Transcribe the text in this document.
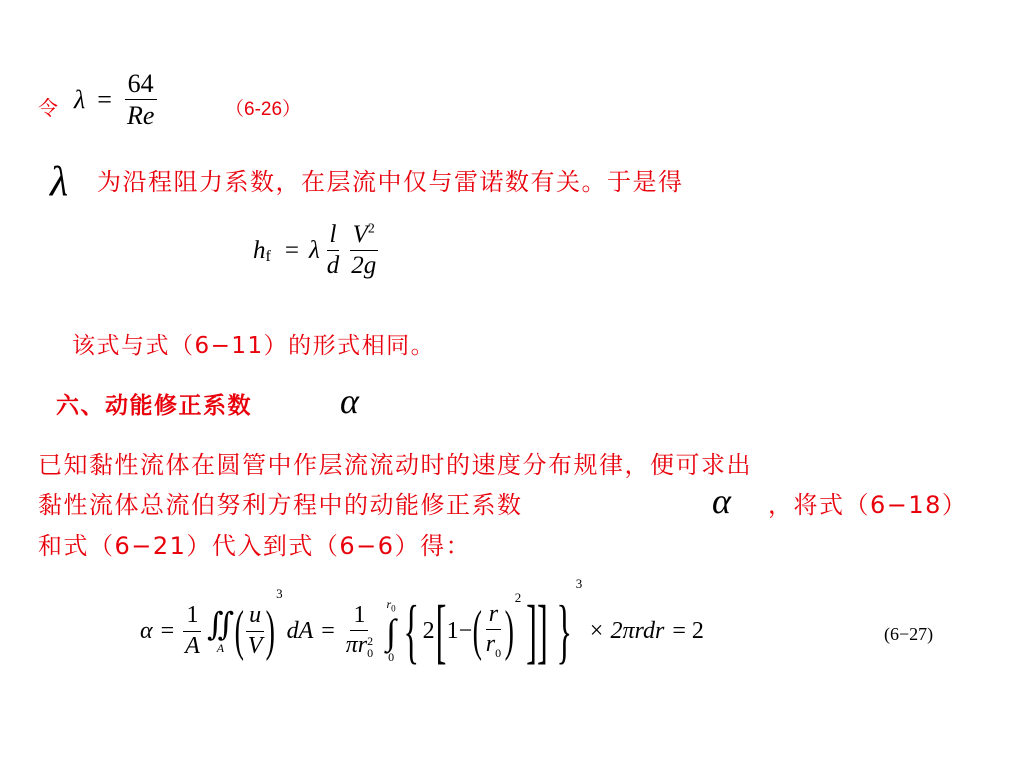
令 $\lambda = \frac{64}{Re}$	（6-26）
λ 为沿程阻力系数，在层流中仅与雷诺数有关。于是得
h f = λ $\frac{l}{d} \frac{V^2}{2g}$
该式与式（6−11）的形式相同。
六、动能修正系数 α
已知黏性流体在圆管中作层流流动时的速度分布规律，便可求出
黏性流体总流伯努利方程中的动能修正系数	α ，将式（6−18）
和式（6−21）代入到式（6−6）得：
$\alpha = \frac{1}{A}$ ∬
A ( $\frac{u}{V}$ )
$^3$
dA = 1
πr 2
0 $r_0$
∫
0 { 2 [ 1− ( $\frac{r}{r_0}$ )
$^2$ ]] }
$^3$
× 2πrdr = 2	(6−27)
